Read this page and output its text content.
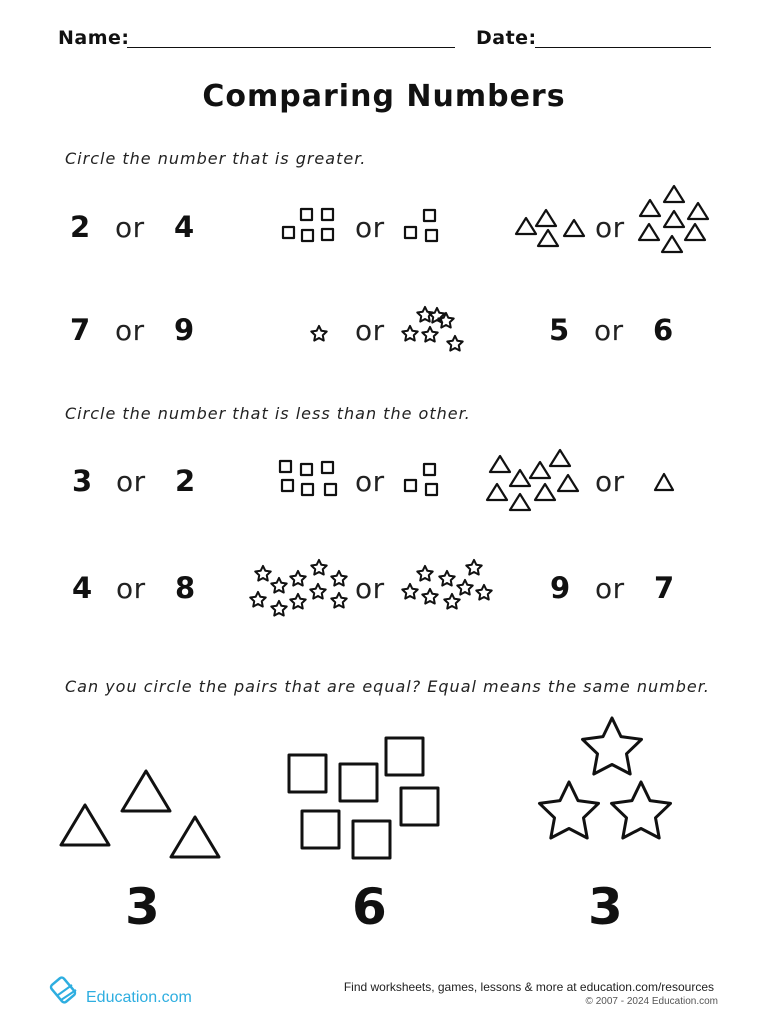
Name:	Date:
Comparing Numbers
Circle the number that is greater.
2 or 4	or	or
7 or 9	or	5 or 6
Circle the number that is less than the other.
3 or 2	or	or
4 or 8	or	9 or 7
Can you circle the pairs that are equal? Equal means the same number.
3	6	3
Education.com
Find worksheets, games, lessons & more at education.com/resources
© 2007 - 2024 Education.com
